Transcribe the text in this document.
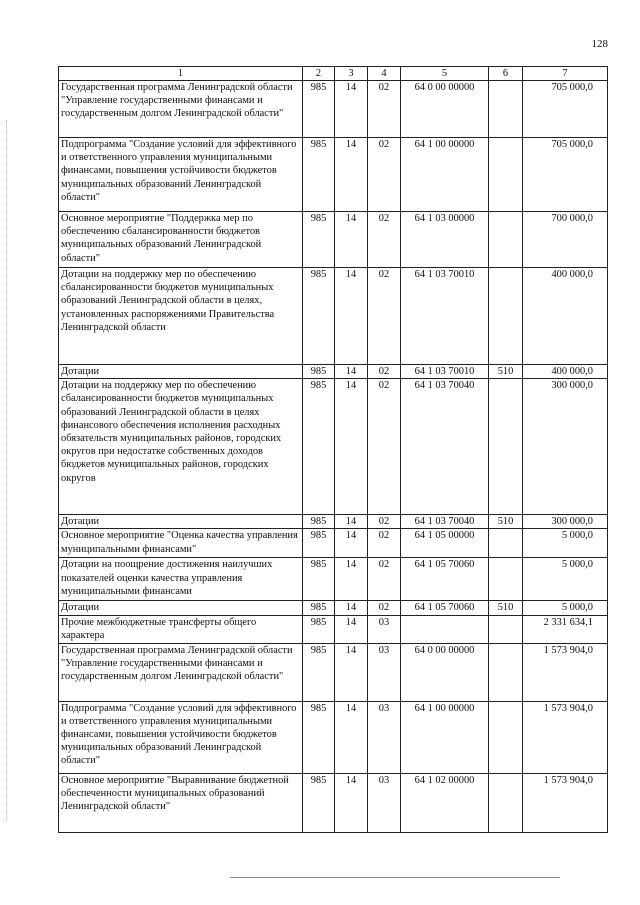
128
1	2	3	4	5	6	7
Государственная программа Ленинградской области "Управление государственными финансами и государственным долгом Ленинградской области"	985	14	02	64 0 00 00000		705 000,0
Подпрограмма "Создание условий для эффективного и ответственного управления муниципальными финансами, повышения устойчивости бюджетов муниципальных образований Ленинградской области"	985	14	02	64 1 00 00000		705 000,0
Основное мероприятие "Поддержка мер по обеспечению сбалансированности бюджетов муниципальных образований Ленинградской области"	985	14	02	64 1 03 00000		700 000,0
Дотации на поддержку мер по обеспечению сбалансированности бюджетов муниципальных образований Ленинградской области в целях, установленных распоряжениями Правительства Ленинградской области	985	14	02	64 1 03 70010		400 000,0
Дотации	985	14	02	64 1 03 70010	510	400 000,0
Дотации на поддержку мер по обеспечению сбалансированности бюджетов муниципальных образований Ленинградской области в целях финансового обеспечения исполнения расходных обязательств муниципальных районов, городских округов при недостатке собственных доходов бюджетов муниципальных районов, городских округов	985	14	02	64 1 03 70040		300 000,0
Дотации	985	14	02	64 1 03 70040	510	300 000,0
Основное мероприятие "Оценка качества управления муниципальными финансами"	985	14	02	64 1 05 00000		5 000,0
Дотации на поощрение достижения наилучших показателей оценки качества управления муниципальными финансами	985	14	02	64 1 05 70060		5 000,0
Дотации	985	14	02	64 1 05 70060	510	5 000,0
Прочие межбюджетные трансферты общего характера	985	14	03			2 331 634,1
Государственная программа Ленинградской области "Управление государственными финансами и государственным долгом Ленинградской области"	985	14	03	64 0 00 00000		1 573 904,0
Подпрограмма "Создание условий для эффективного и ответственного управления муниципальными финансами, повышения устойчивости бюджетов муниципальных образований Ленинградской области"	985	14	03	64 1 00 00000		1 573 904,0
Основное мероприятие "Выравнивание бюджетной обеспеченности муниципальных образований Ленинградской области"	985	14	03	64 1 02 00000		1 573 904,0
